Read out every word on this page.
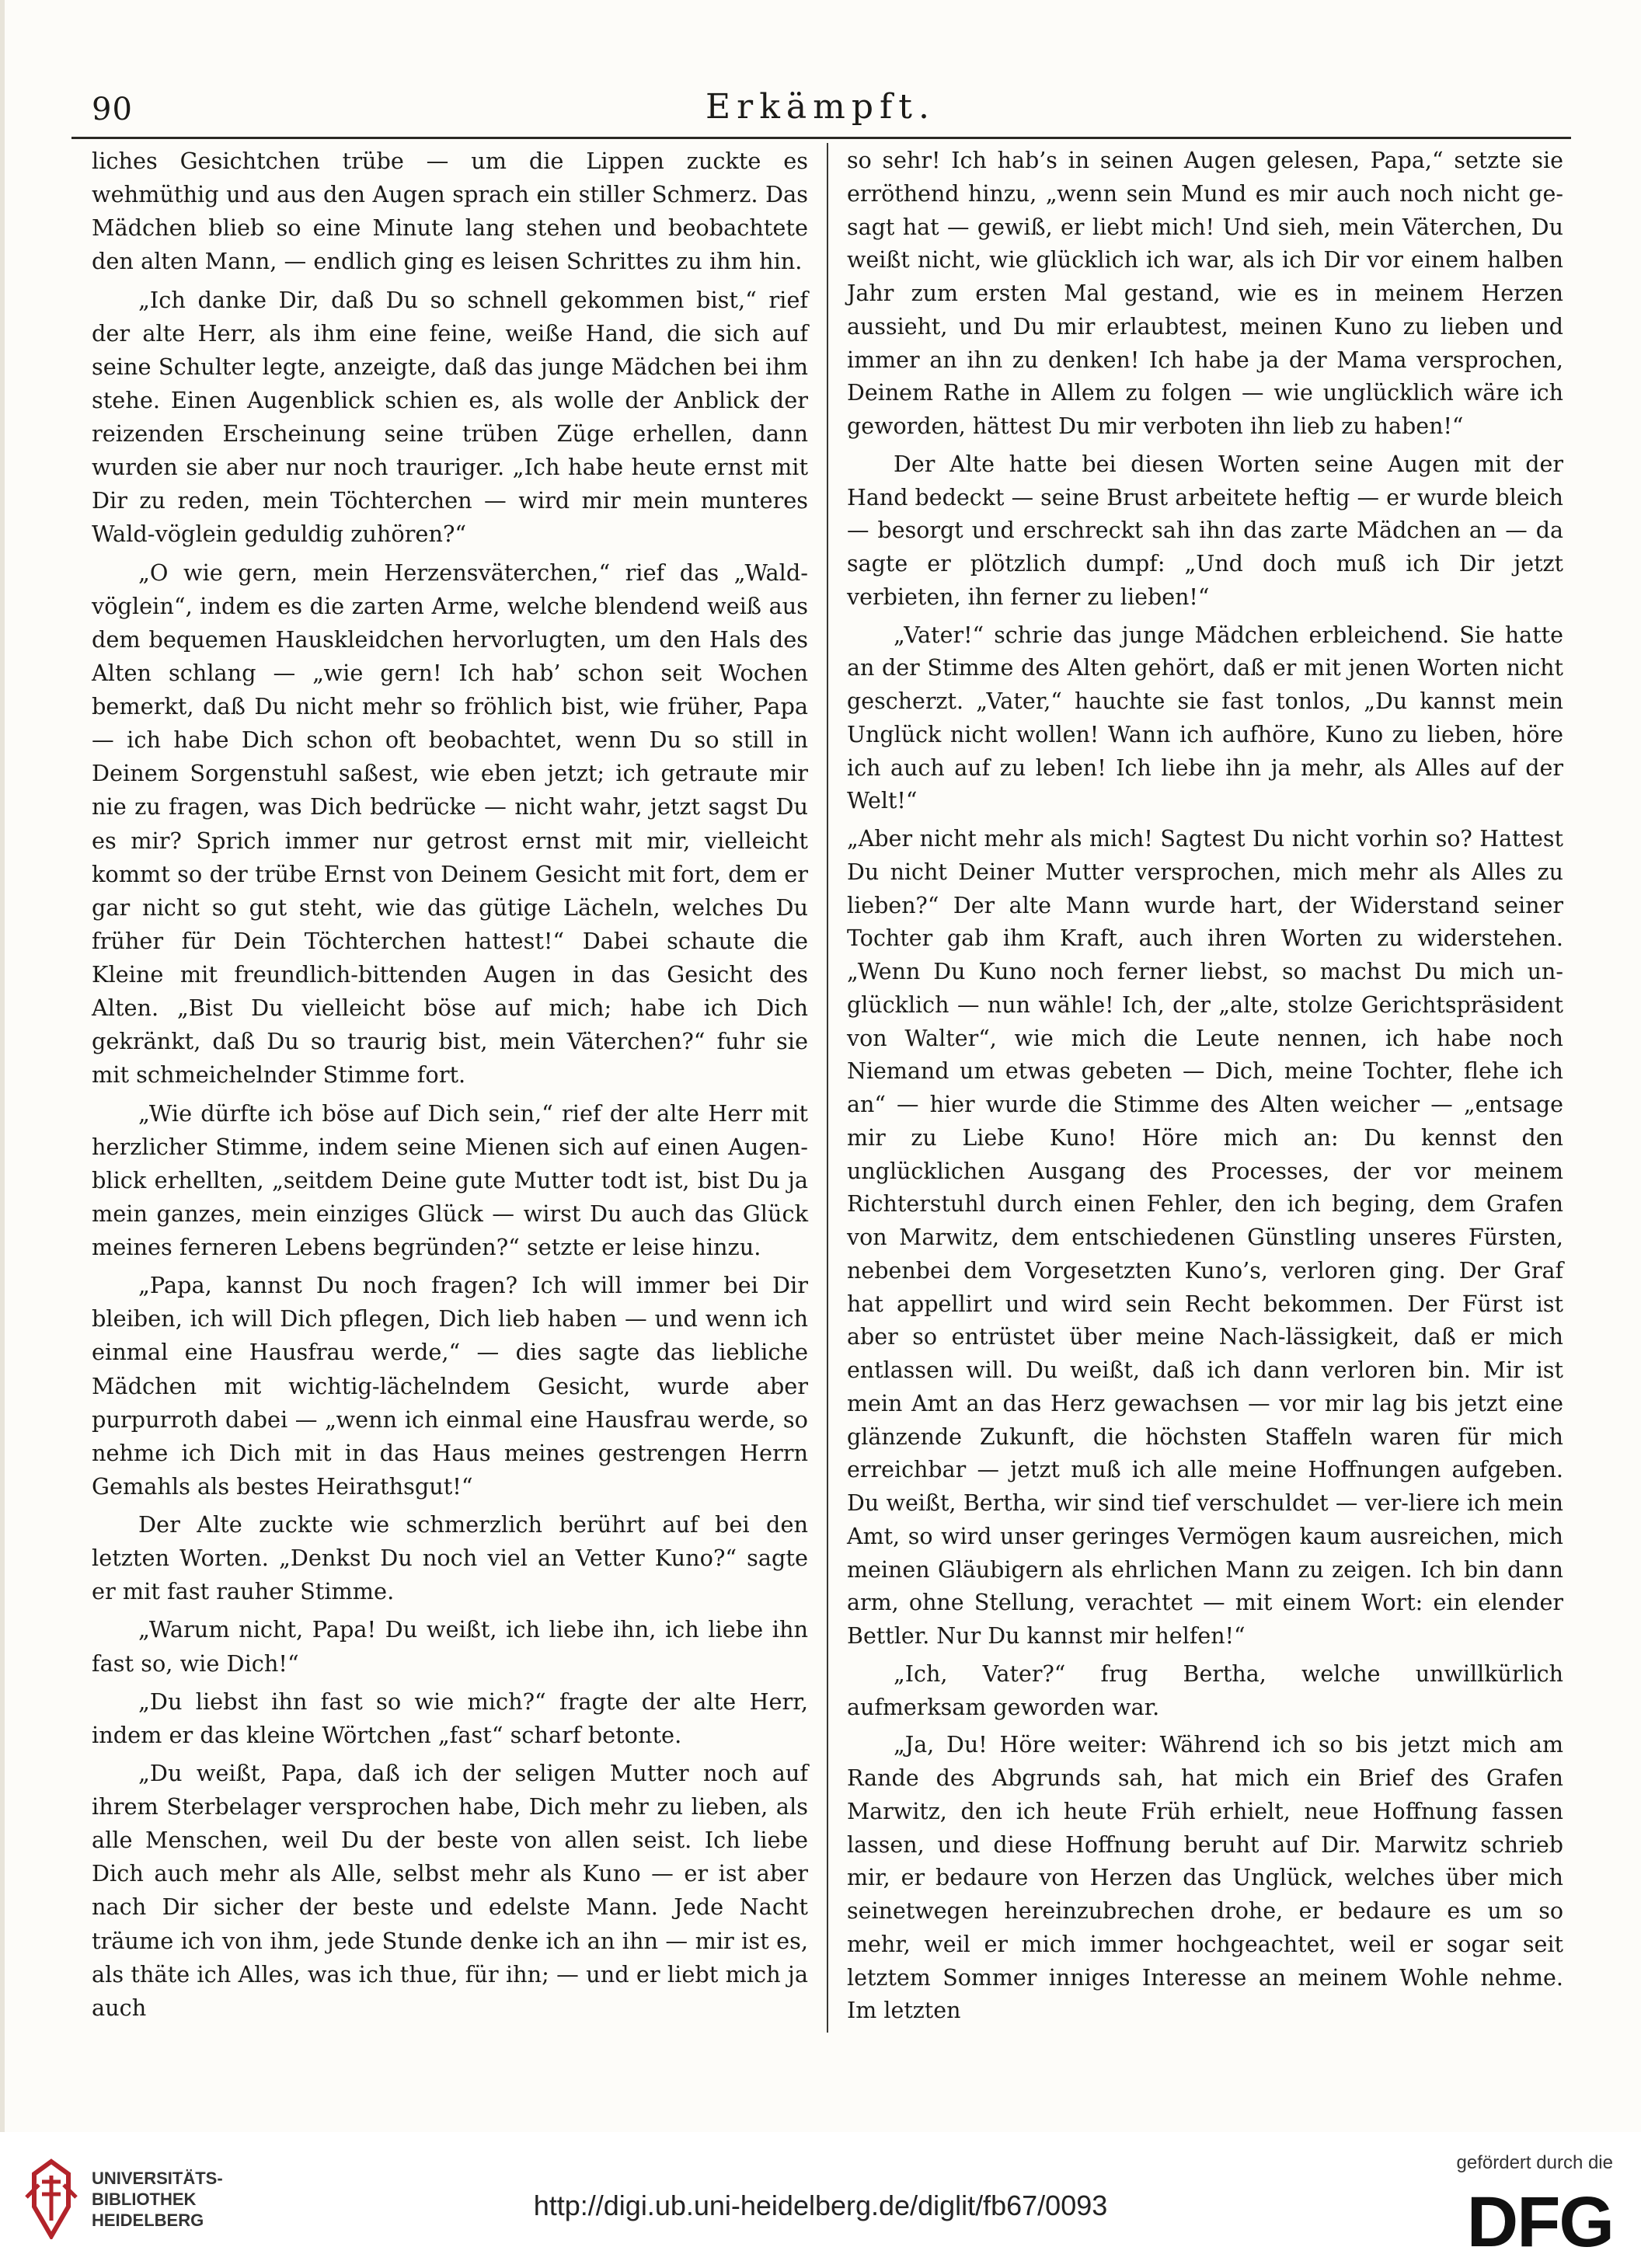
90	Erkämpft.

liches Gesichtchen trübe — um die Lippen zuckte es wehmüthig und aus den Augen sprach ein stiller Schmerz. Das Mädchen blieb so eine Minute lang stehen und beobachtete den alten Mann, — endlich ging es leisen Schrittes zu ihm hin.

„Ich danke Dir, daß Du so schnell gekommen bist,“ rief der alte Herr, als ihm eine feine, weiße Hand, die sich auf seine Schulter legte, anzeigte, daß das junge Mädchen bei ihm stehe. Einen Augenblick schien es, als wolle der Anblick der reizenden Erscheinung seine trüben Züge erhellen, dann wurden sie aber nur noch trauriger. „Ich habe heute ernst mit Dir zu reden, mein Töchterchen — wird mir mein munteres Wald-vöglein geduldig zuhören?“

„O wie gern, mein Herzensväterchen,“ rief das „Wald-vöglein“, indem es die zarten Arme, welche blendend weiß aus dem bequemen Hauskleidchen hervorlugten, um den Hals des Alten schlang — „wie gern! Ich hab’ schon seit Wochen bemerkt, daß Du nicht mehr so fröhlich bist, wie früher, Papa — ich habe Dich schon oft beobachtet, wenn Du so still in Deinem Sorgenstuhl saßest, wie eben jetzt; ich getraute mir nie zu fragen, was Dich bedrücke — nicht wahr, jetzt sagst Du es mir? Sprich immer nur getrost ernst mit mir, vielleicht kommt so der trübe Ernst von Deinem Gesicht mit fort, dem er gar nicht so gut steht, wie das gütige Lächeln, welches Du früher für Dein Töchterchen hattest!“ Dabei schaute die Kleine mit freundlich-bittenden Augen in das Gesicht des Alten. „Bist Du vielleicht böse auf mich; habe ich Dich gekränkt, daß Du so traurig bist, mein Väterchen?“ fuhr sie mit schmeichelnder Stimme fort.

„Wie dürfte ich böse auf Dich sein,“ rief der alte Herr mit herzlicher Stimme, indem seine Mienen sich auf einen Augen-blick erhellten, „seitdem Deine gute Mutter todt ist, bist Du ja mein ganzes, mein einziges Glück — wirst Du auch das Glück meines ferneren Lebens begründen?“ setzte er leise hinzu.

„Papa, kannst Du noch fragen? Ich will immer bei Dir bleiben, ich will Dich pflegen, Dich lieb haben — und wenn ich einmal eine Hausfrau werde,“ — dies sagte das liebliche Mädchen mit wichtig-lächelndem Gesicht, wurde aber purpurroth dabei — „wenn ich einmal eine Hausfrau werde, so nehme ich Dich mit in das Haus meines gestrengen Herrn Gemahls als bestes Heirathsgut!“

Der Alte zuckte wie schmerzlich berührt auf bei den letzten Worten. „Denkst Du noch viel an Vetter Kuno?“ sagte er mit fast rauher Stimme.

„Warum nicht, Papa! Du weißt, ich liebe ihn, ich liebe ihn fast so, wie Dich!“

„Du liebst ihn fast so wie mich?“ fragte der alte Herr, indem er das kleine Wörtchen „fast“ scharf betonte.

„Du weißt, Papa, daß ich der seligen Mutter noch auf ihrem Sterbelager versprochen habe, Dich mehr zu lieben, als alle Menschen, weil Du der beste von allen seist. Ich liebe Dich auch mehr als Alle, selbst mehr als Kuno — er ist aber nach Dir sicher der beste und edelste Mann. Jede Nacht träume ich von ihm, jede Stunde denke ich an ihn — mir ist es, als thäte ich Alles, was ich thue, für ihn; — und er liebt mich ja auch

so sehr! Ich hab’s in seinen Augen gelesen, Papa,“ setzte sie erröthend hinzu, „wenn sein Mund es mir auch noch nicht ge-sagt hat — gewiß, er liebt mich! Und sieh, mein Väterchen, Du weißt nicht, wie glücklich ich war, als ich Dir vor einem halben Jahr zum ersten Mal gestand, wie es in meinem Herzen aussieht, und Du mir erlaubtest, meinen Kuno zu lieben und immer an ihn zu denken! Ich habe ja der Mama versprochen, Deinem Rathe in Allem zu folgen — wie unglücklich wäre ich geworden, hättest Du mir verboten ihn lieb zu haben!“

Der Alte hatte bei diesen Worten seine Augen mit der Hand bedeckt — seine Brust arbeitete heftig — er wurde bleich — besorgt und erschreckt sah ihn das zarte Mädchen an — da sagte er plötzlich dumpf: „Und doch muß ich Dir jetzt verbieten, ihn ferner zu lieben!“

„Vater!“ schrie das junge Mädchen erbleichend. Sie hatte an der Stimme des Alten gehört, daß er mit jenen Worten nicht gescherzt. „Vater,“ hauchte sie fast tonlos, „Du kannst mein Unglück nicht wollen! Wann ich aufhöre, Kuno zu lieben, höre ich auch auf zu leben! Ich liebe ihn ja mehr, als Alles auf der Welt!“

„Aber nicht mehr als mich! Sagtest Du nicht vorhin so? Hattest Du nicht Deiner Mutter versprochen, mich mehr als Alles zu lieben?“ Der alte Mann wurde hart, der Widerstand seiner Tochter gab ihm Kraft, auch ihren Worten zu widerstehen. „Wenn Du Kuno noch ferner liebst, so machst Du mich un-glücklich — nun wähle! Ich, der „alte, stolze Gerichtspräsident von Walter“, wie mich die Leute nennen, ich habe noch Niemand um etwas gebeten — Dich, meine Tochter, flehe ich an“ — hier wurde die Stimme des Alten weicher — „entsage mir zu Liebe Kuno! Höre mich an: Du kennst den unglücklichen Ausgang des Processes, der vor meinem Richterstuhl durch einen Fehler, den ich beging, dem Grafen von Marwitz, dem entschiedenen Günstling unseres Fürsten, nebenbei dem Vorgesetzten Kuno’s, verloren ging. Der Graf hat appellirt und wird sein Recht bekommen. Der Fürst ist aber so entrüstet über meine Nach-lässigkeit, daß er mich entlassen will. Du weißt, daß ich dann verloren bin. Mir ist mein Amt an das Herz gewachsen — vor mir lag bis jetzt eine glänzende Zukunft, die höchsten Staffeln waren für mich erreichbar — jetzt muß ich alle meine Hoffnungen aufgeben. Du weißt, Bertha, wir sind tief verschuldet — ver-liere ich mein Amt, so wird unser geringes Vermögen kaum ausreichen, mich meinen Gläubigern als ehrlichen Mann zu zeigen. Ich bin dann arm, ohne Stellung, verachtet — mit einem Wort: ein elender Bettler. Nur Du kannst mir helfen!“

„Ich, Vater?“ frug Bertha, welche unwillkürlich aufmerksam geworden war.

„Ja, Du! Höre weiter: Während ich so bis jetzt mich am Rande des Abgrunds sah, hat mich ein Brief des Grafen Marwitz, den ich heute Früh erhielt, neue Hoffnung fassen lassen, und diese Hoffnung beruht auf Dir. Marwitz schrieb mir, er bedaure von Herzen das Unglück, welches über mich seinetwegen hereinzubrechen drohe, er bedaure es um so mehr, weil er mich immer hochgeachtet, weil er sogar seit letztem Sommer inniges Interesse an meinem Wohle nehme. Im letzten

UNIVERSITÄTS-
BIBLIOTHEK
HEIDELBERG	http://digi.ub.uni-heidelberg.de/diglit/fb67/0093
gefördert durch die
DFG
